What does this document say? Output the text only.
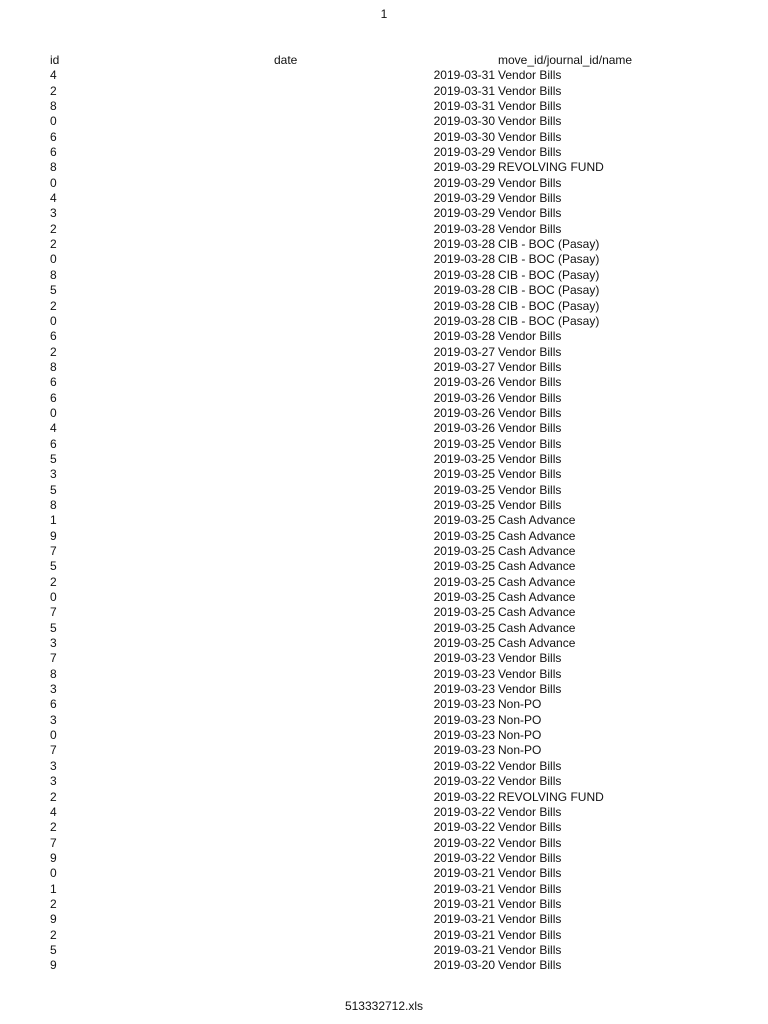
1
id	date	move_id/journal_id/name
4	2019-03-31 Vendor Bills
2	2019-03-31 Vendor Bills
8	2019-03-31 Vendor Bills
0	2019-03-30 Vendor Bills
6	2019-03-30 Vendor Bills
6	2019-03-29 Vendor Bills
8	2019-03-29 REVOLVING FUND
0	2019-03-29 Vendor Bills
4	2019-03-29 Vendor Bills
3	2019-03-29 Vendor Bills
2	2019-03-28 Vendor Bills
2	2019-03-28 CIB - BOC (Pasay)
0	2019-03-28 CIB - BOC (Pasay)
8	2019-03-28 CIB - BOC (Pasay)
5	2019-03-28 CIB - BOC (Pasay)
2	2019-03-28 CIB - BOC (Pasay)
0	2019-03-28 CIB - BOC (Pasay)
6	2019-03-28 Vendor Bills
2	2019-03-27 Vendor Bills
8	2019-03-27 Vendor Bills
6	2019-03-26 Vendor Bills
6	2019-03-26 Vendor Bills
0	2019-03-26 Vendor Bills
4	2019-03-26 Vendor Bills
6	2019-03-25 Vendor Bills
5	2019-03-25 Vendor Bills
3	2019-03-25 Vendor Bills
5	2019-03-25 Vendor Bills
8	2019-03-25 Vendor Bills
1	2019-03-25 Cash Advance
9	2019-03-25 Cash Advance
7	2019-03-25 Cash Advance
5	2019-03-25 Cash Advance
2	2019-03-25 Cash Advance
0	2019-03-25 Cash Advance
7	2019-03-25 Cash Advance
5	2019-03-25 Cash Advance
3	2019-03-25 Cash Advance
7	2019-03-23 Vendor Bills
8	2019-03-23 Vendor Bills
3	2019-03-23 Vendor Bills
6	2019-03-23 Non-PO
3	2019-03-23 Non-PO
0	2019-03-23 Non-PO
7	2019-03-23 Non-PO
3	2019-03-22 Vendor Bills
3	2019-03-22 Vendor Bills
2	2019-03-22 REVOLVING FUND
4	2019-03-22 Vendor Bills
2	2019-03-22 Vendor Bills
7	2019-03-22 Vendor Bills
9	2019-03-22 Vendor Bills
0	2019-03-21 Vendor Bills
1	2019-03-21 Vendor Bills
2	2019-03-21 Vendor Bills
9	2019-03-21 Vendor Bills
2	2019-03-21 Vendor Bills
5	2019-03-21 Vendor Bills
9	2019-03-20 Vendor Bills
513332712.xls
